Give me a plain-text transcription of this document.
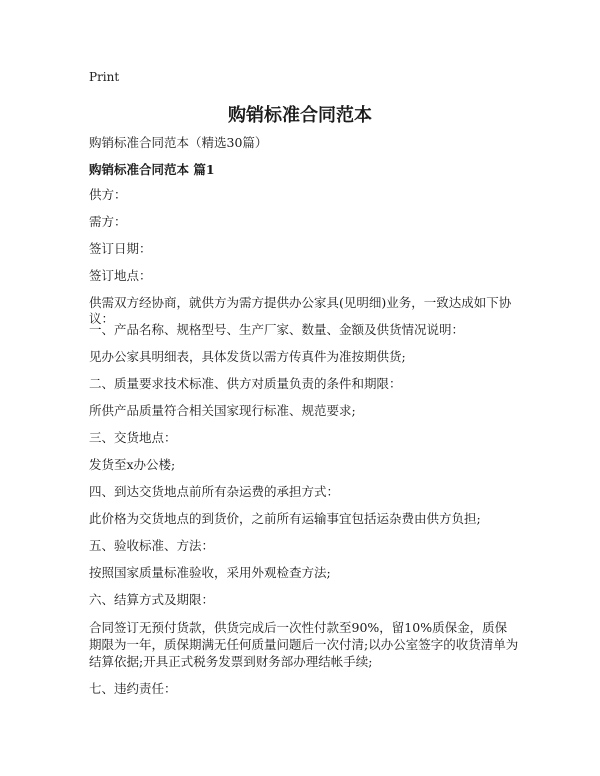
Print
购销标准合同范本

购销标准合同范本（精选30篇）

购销标准合同范本 篇1

供方：

需方：

签订日期：

签订地点：

供需双方经协商，就供方为需方提供办公家具(见明细)业务，一致达成如下协议：

一、产品名称、规格型号、生产厂家、数量、金额及供货情况说明：

见办公家具明细表，具体发货以需方传真件为准按期供货;

二、质量要求技术标准、供方对质量负责的条件和期限：

所供产品质量符合相关国家现行标准、规范要求;

三、交货地点：

发货至x办公楼;

四、到达交货地点前所有杂运费的承担方式：

此价格为交货地点的到货价，之前所有运输事宜包括运杂费由供方负担;

五、验收标准、方法：

按照国家质量标准验收，采用外观检查方法;

六、结算方式及期限：

合同签订无预付货款，供货完成后一次性付款至90%，留10%质保金，质保期限为一年，质保期满无任何质量问题后一次付清;以办公室签字的收货清单为结算依据;开具正式税务发票到财务部办理结帐手续;

七、违约责任：
